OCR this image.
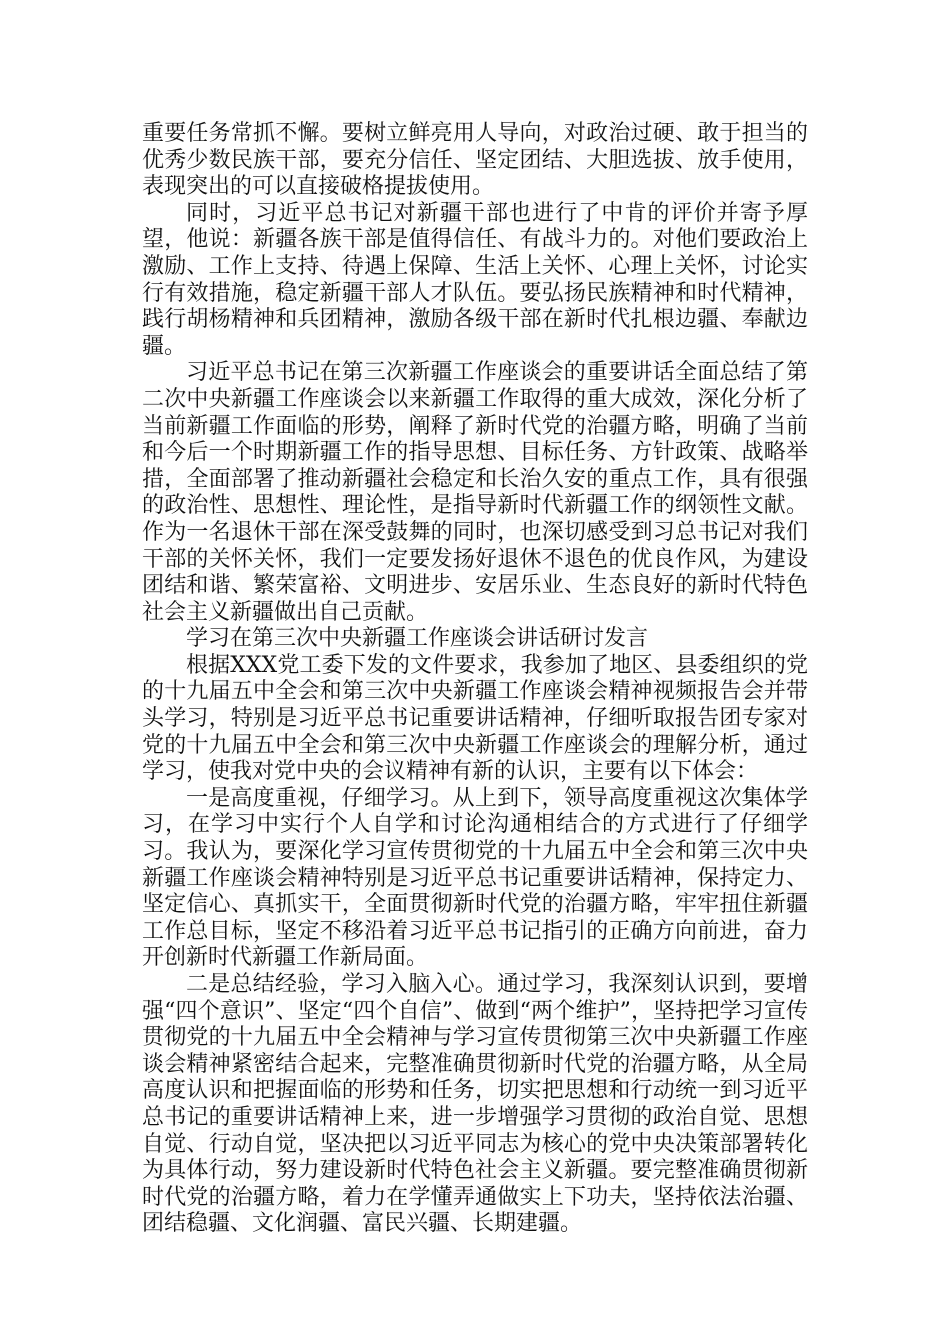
重要任务常抓不懈。要树立鲜亮用人导向，对政治过硬、敢于担当的优秀少数民族干部，要充分信任、坚定团结、大胆选拔、放手使用，表现突出的可以直接破格提拔使用。

同时，习近平总书记对新疆干部也进行了中肯的评价并寄予厚望，他说：新疆各族干部是值得信任、有战斗力的。对他们要政治上激励、工作上支持、待遇上保障、生活上关怀、心理上关怀，讨论实行有效措施，稳定新疆干部人才队伍。要弘扬民族精神和时代精神，践行胡杨精神和兵团精神，激励各级干部在新时代扎根边疆、奉献边疆。

习近平总书记在第三次新疆工作座谈会的重要讲话全面总结了第二次中央新疆工作座谈会以来新疆工作取得的重大成效，深化分析了当前新疆工作面临的形势，阐释了新时代党的治疆方略，明确了当前和今后一个时期新疆工作的指导思想、目标任务、方针政策、战略举措，全面部署了推动新疆社会稳定和长治久安的重点工作，具有很强的政治性、思想性、理论性，是指导新时代新疆工作的纲领性文献。作为一名退休干部在深受鼓舞的同时，也深切感受到习总书记对我们干部的关怀关怀，我们一定要发扬好退休不退色的优良作风，为建设团结和谐、繁荣富裕、文明进步、安居乐业、生态良好的新时代特色社会主义新疆做出自己贡献。

学习在第三次中央新疆工作座谈会讲话研讨发言

根据XXX党工委下发的文件要求，我参加了地区、县委组织的党的十九届五中全会和第三次中央新疆工作座谈会精神视频报告会并带头学习，特别是习近平总书记重要讲话精神，仔细听取报告团专家对党的十九届五中全会和第三次中央新疆工作座谈会的理解分析，通过学习，使我对党中央的会议精神有新的认识，主要有以下体会：

一是高度重视，仔细学习。从上到下，领导高度重视这次集体学习，在学习中实行个人自学和讨论沟通相结合的方式进行了仔细学习。我认为，要深化学习宣传贯彻党的十九届五中全会和第三次中央新疆工作座谈会精神特别是习近平总书记重要讲话精神，保持定力、坚定信心、真抓实干，全面贯彻新时代党的治疆方略，牢牢扭住新疆工作总目标，坚定不移沿着习近平总书记指引的正确方向前进，奋力开创新时代新疆工作新局面。

二是总结经验，学习入脑入心。通过学习，我深刻认识到，要增强“四个意识”、坚定“四个自信”、做到“两个维护”，坚持把学习宣传贯彻党的十九届五中全会精神与学习宣传贯彻第三次中央新疆工作座谈会精神紧密结合起来，完整准确贯彻新时代党的治疆方略，从全局高度认识和把握面临的形势和任务，切实把思想和行动统一到习近平总书记的重要讲话精神上来，进一步增强学习贯彻的政治自觉、思想自觉、行动自觉，坚决把以习近平同志为核心的党中央决策部署转化为具体行动，努力建设新时代特色社会主义新疆。要完整准确贯彻新时代党的治疆方略，着力在学懂弄通做实上下功夫，坚持依法治疆、团结稳疆、文化润疆、富民兴疆、长期建疆。
